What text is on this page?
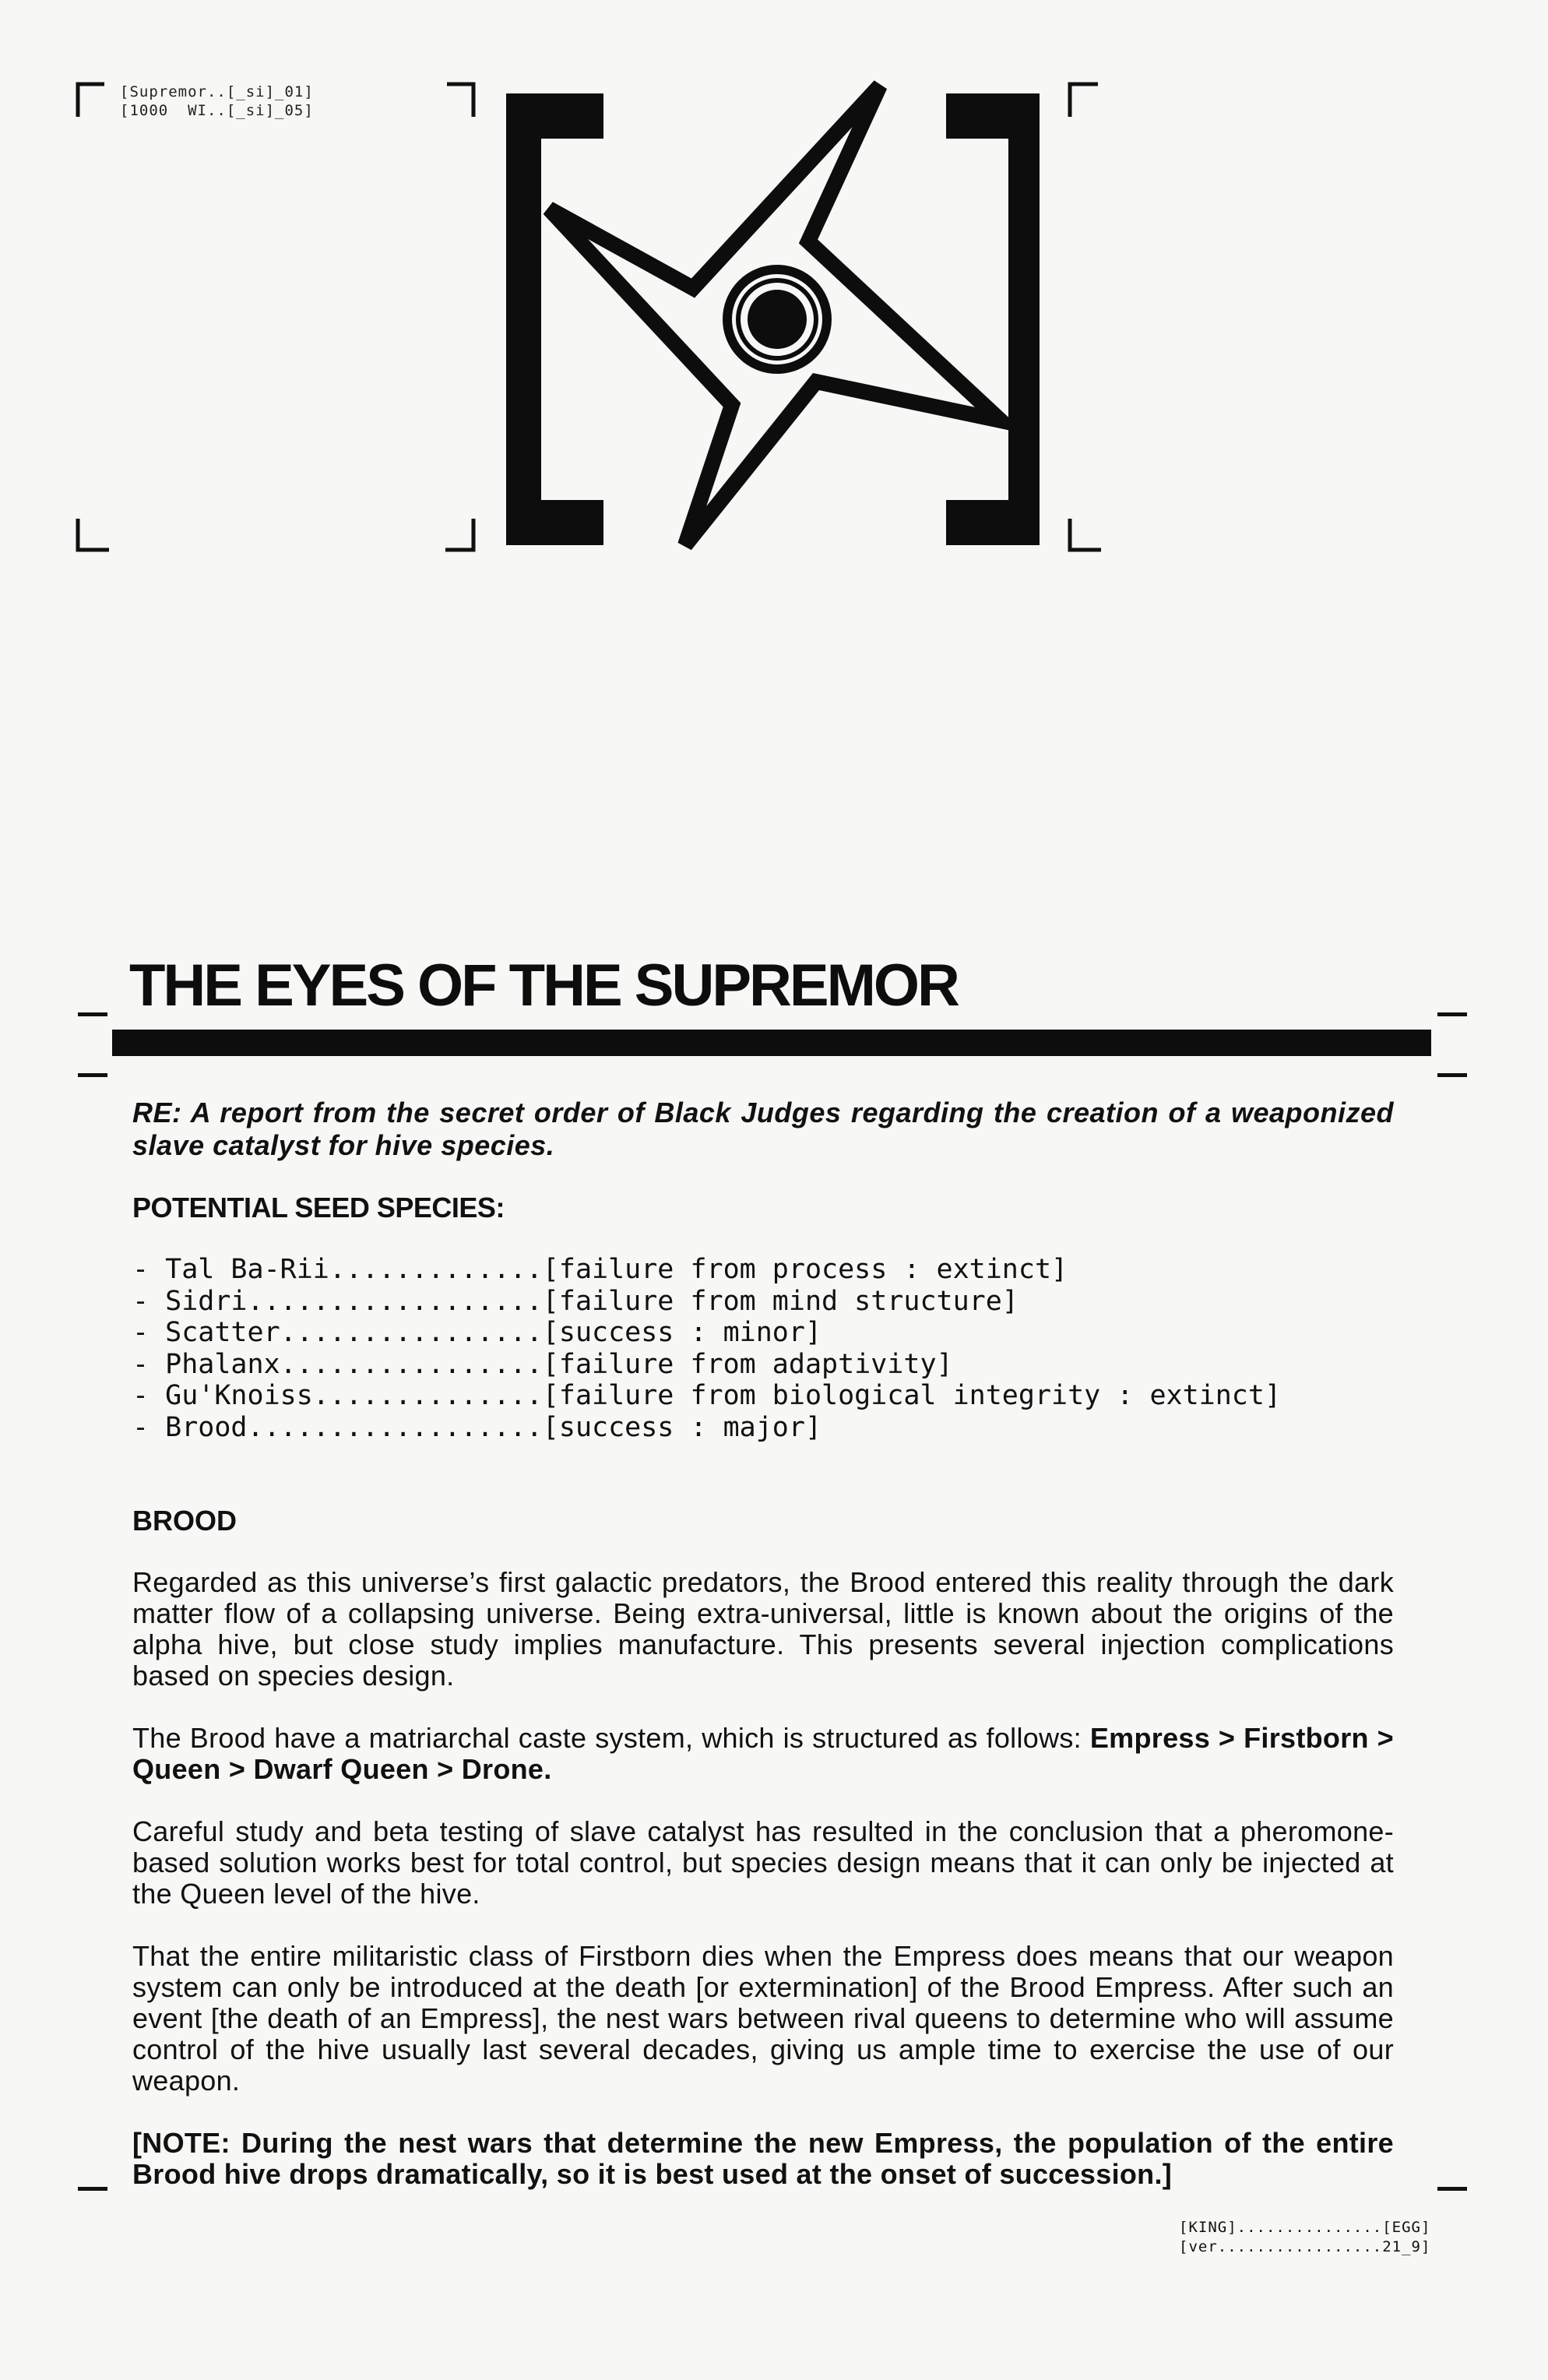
[Supremor..[_si]_01]
[1000  WI..[_si]_05]
THE EYES OF THE SUPREMOR
RE: A report from the secret order of Black Judges regarding the creation of a weaponized slave catalyst for hive species.
POTENTIAL SEED SPECIES:
- Tal Ba-Rii.............[failure from process : extinct]
- Sidri..................[failure from mind structure]
- Scatter................[success : minor]
- Phalanx................[failure from adaptivity]
- Gu'Knoiss..............[failure from biological integrity : extinct]
- Brood..................[success : major]
BROOD

Regarded as this universe’s first galactic predators, the Brood entered this reality through the dark matter flow of a collapsing universe. Being extra-universal, little is known about the origins of the alpha hive, but close study implies manufacture. This presents several injection complications based on species design.

The Brood have a matriarchal caste system, which is structured as follows: Empress > Firstborn > Queen > Dwarf Queen > Drone.

Careful study and beta testing of slave catalyst has resulted in the conclusion that a pheromone-based solution works best for total control, but species design means that it can only be injected at the Queen level of the hive.

That the entire militaristic class of Firstborn dies when the Empress does means that our weapon system can only be introduced at the death [or extermination] of the Brood Empress. After such an event [the death of an Empress], the nest wars between rival queens to determine who will assume control of the hive usually last several decades, giving us ample time to exercise the use of our weapon.

[NOTE: During the nest wars that determine the new Empress, the population of the entire Brood hive drops dramatically, so it is best used at the onset of succession.]

[KING]...............[EGG]
[ver.................21_9]
